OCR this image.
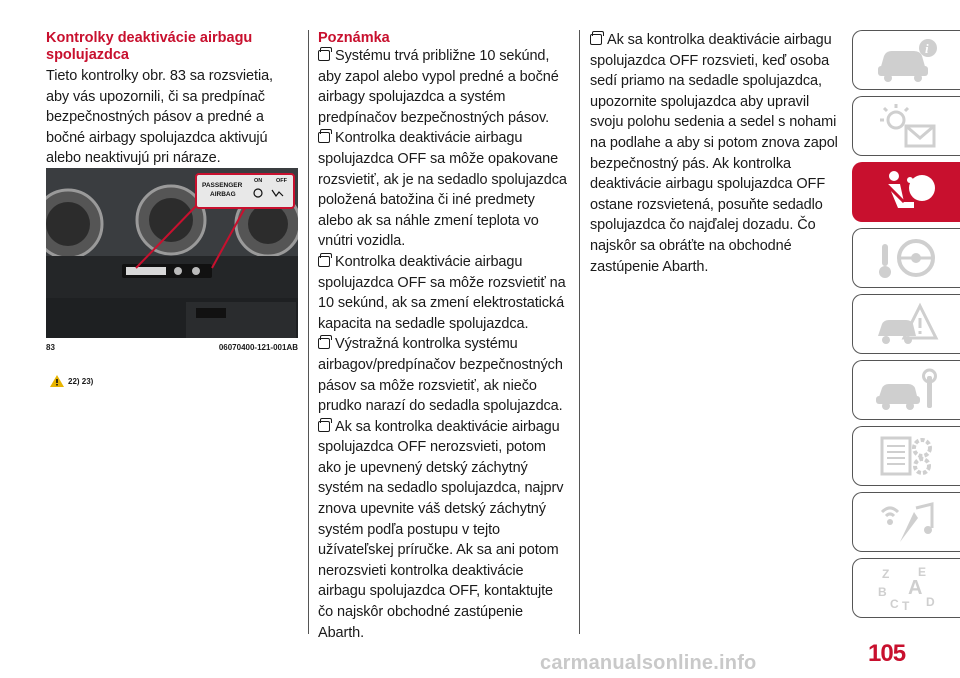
Kontrolky deaktivácie airbagu spolujazdca
Tieto kontrolky obr. 83 sa rozsvietia, aby vás upozornili, či sa predpínač bezpečnostných pásov a predné a bočné airbagy spolujazdca aktivujú alebo neaktivujú pri náraze.
PASSENGER
AIRBAG
ON	OFF
83	06070400-121-001AB
22) 23)
Poznámka
Systému trvá približne 10 sekúnd, aby zapol alebo vypol predné a bočné airbagy spolujazdca a systém predpínačov bezpečnostných pásov.
Kontrolka deaktivácie airbagu spolujazdca OFF sa môže opakovane rozsvietiť, ak je na sedadlo spolujazdca položená batožina či iné predmety alebo ak sa náhle zmení teplota vo vnútri vozidla.
Kontrolka deaktivácie airbagu spolujazdca OFF sa môže rozsvietiť na 10 sekúnd, ak sa zmení elektrostatická kapacita na sedadle spolujazdca.
Výstražná kontrolka systému airbagov/predpínačov bezpečnostných pásov sa môže rozsvietiť, ak niečo prudko narazí do sedadla spolujazdca.
Ak sa kontrolka deaktivácie airbagu spolujazdca OFF nerozsvieti, potom ako je upevnený detský záchytný systém na sedadlo spolujazdca, najprv znova upevnite váš detský záchytný systém podľa postupu v tejto užívateľskej príručke. Ak sa ani potom nerozsvieti kontrolka deaktivácie airbagu spolujazdca OFF, kontaktujte čo najskôr obchodné zastúpenie Abarth.
Ak sa kontrolka deaktivácie airbagu spolujazdca OFF rozsvieti, keď osoba sedí priamo na sedadle spolujazdca, upozornite spolujazdca aby upravil svoju polohu sedenia a sedel s nohami na podlahe a aby si potom znova zapol bezpečnostný pás. Ak kontrolka deaktivácie airbagu spolujazdca OFF ostane rozsvietená, posuňte sedadlo spolujazdca čo najďalej dozadu. Čo najskôr sa obráťte na obchodné zastúpenie Abarth.
i
Z E
B A
C T D
105
carmanualsonline.info
